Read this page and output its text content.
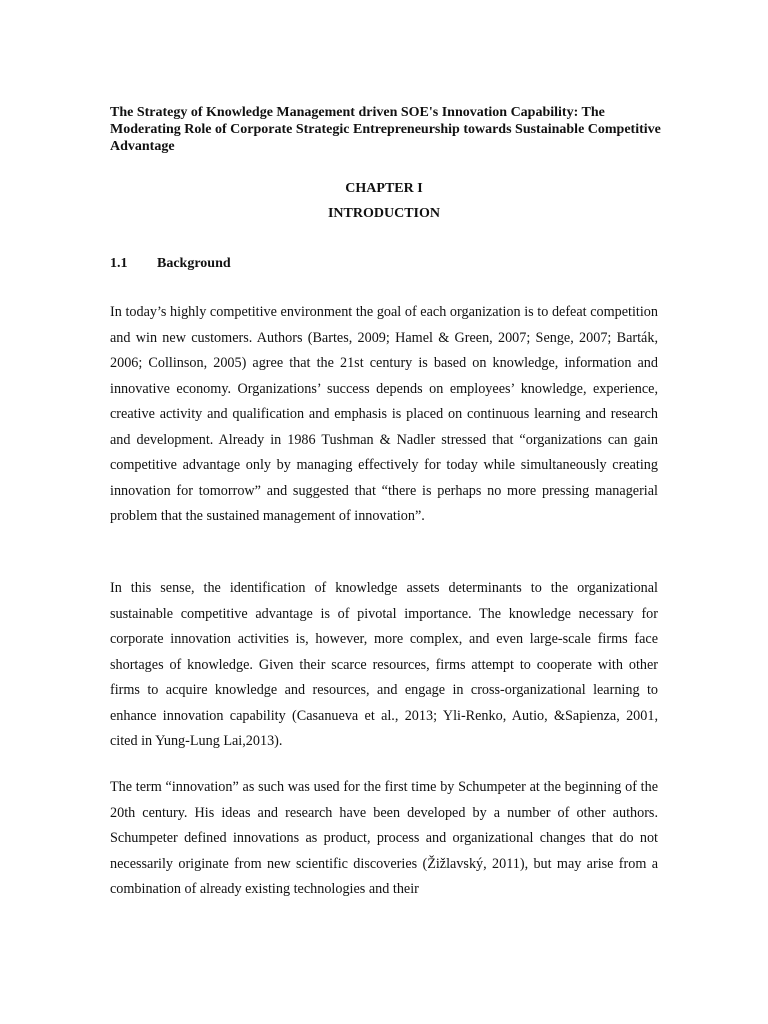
The Strategy of Knowledge Management driven SOE's Innovation Capability: The Moderating Role of Corporate Strategic Entrepreneurship towards Sustainable Competitive Advantage

CHAPTER I

INTRODUCTION

1.1 Background

In today’s highly competitive environment the goal of each organization is to defeat competition and win new customers. Authors (Bartes, 2009; Hamel & Green, 2007; Senge, 2007; Barták, 2006; Collinson, 2005) agree that the 21st century is based on knowledge, information and innovative economy. Organizations’ success depends on employees’ knowledge, experience, creative activity and qualification and emphasis is placed on continuous learning and research and development. Already in 1986 Tushman & Nadler stressed that “organizations can gain competitive advantage only by managing effectively for today while simultaneously creating innovation for tomorrow” and suggested that “there is perhaps no more pressing managerial problem that the sustained management of innovation”.

In this sense, the identification of knowledge assets determinants to the organizational sustainable competitive advantage is of pivotal importance. The knowledge necessary for corporate innovation activities is, however, more complex, and even large-scale firms face shortages of knowledge. Given their scarce resources, firms attempt to cooperate with other firms to acquire knowledge and resources, and engage in cross-organizational learning to enhance innovation capability (Casanueva et al., 2013; Yli-Renko, Autio, &Sapienza, 2001, cited in Yung-Lung Lai,2013).

The term “innovation” as such was used for the first time by Schumpeter at the beginning of the 20th century. His ideas and research have been developed by a number of other authors. Schumpeter defined innovations as product, process and organizational changes that do not necessarily originate from new scientific discoveries (Žižlavský, 2011), but may arise from a combination of already existing technologies and their
